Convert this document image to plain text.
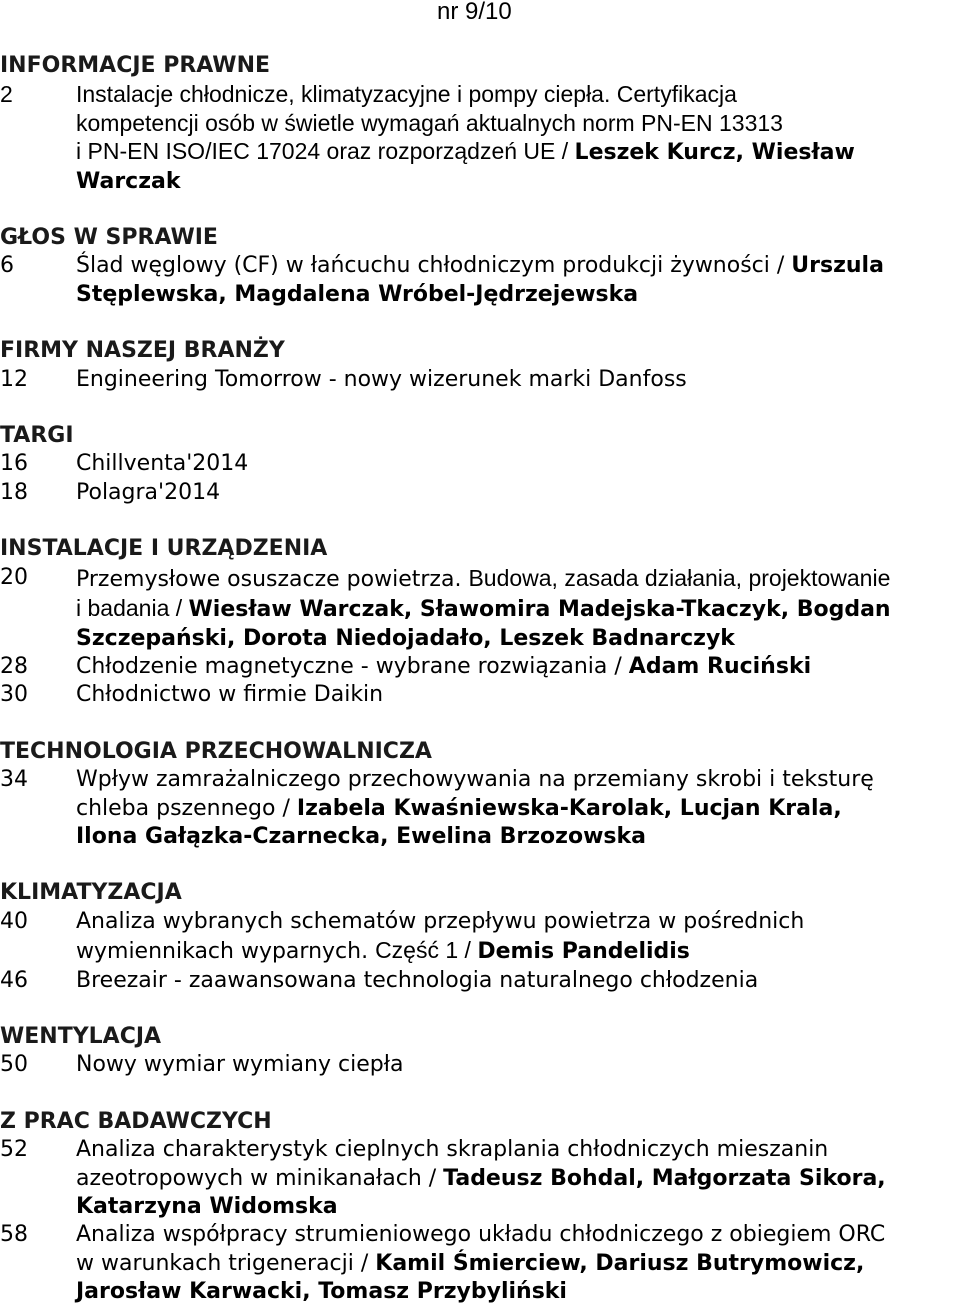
nr 9/10
INFORMACJE PRAWNE
2	Instalacje chłodnicze, klimatyzacyjne i pompy ciepła. Certyfikacja
kompetencji osób w świetle wymagań aktualnych norm PN-EN 13313
i PN-EN ISO/IEC 17024 oraz rozporządzeń UE / Leszek Kurcz, Wiesław
Warczak
GŁOS W SPRAWIE
6	Ślad węglowy (CF) w łańcuchu chłodniczym produkcji żywności / Urszula
Stęplewska, Magdalena Wróbel-Jędrzejewska
FIRMY NASZEJ BRANŻY
12	Engineering Tomorrow - nowy wizerunek marki Danfoss
TARGI
16	Chillventa'2014
18	Polagra'2014
INSTALACJE I URZĄDZENIA
20	Przemysłowe osuszacze powietrza. Budowa, zasada działania, projektowanie
i badania / Wiesław Warczak, Sławomira Madejska-Tkaczyk, Bogdan
Szczepański, Dorota Niedojadało, Leszek Badnarczyk
28	Chłodzenie magnetyczne - wybrane rozwiązania / Adam Ruciński
30	Chłodnictwo w firmie Daikin
TECHNOLOGIA PRZECHOWALNICZA
34	Wpływ zamrażalniczego przechowywania na przemiany skrobi i teksturę
chleba pszennego / Izabela Kwaśniewska-Karolak, Lucjan Krala,
Ilona Gałązka-Czarnecka, Ewelina Brzozowska
KLIMATYZACJA
40	Analiza wybranych schematów przepływu powietrza w pośrednich
wymiennikach wyparnych. Część 1 / Demis Pandelidis
46	Breezair - zaawansowana technologia naturalnego chłodzenia
WENTYLACJA
50	Nowy wymiar wymiany ciepła
Z PRAC BADAWCZYCH
52	Analiza charakterystyk cieplnych skraplania chłodniczych mieszanin
azeotropowych w minikanałach / Tadeusz Bohdal, Małgorzata Sikora,
Katarzyna Widomska
58	Analiza współpracy strumieniowego układu chłodniczego z obiegiem ORC
w warunkach trigeneracji / Kamil Śmierciew, Dariusz Butrymowicz,
Jarosław Karwacki, Tomasz Przybyliński
